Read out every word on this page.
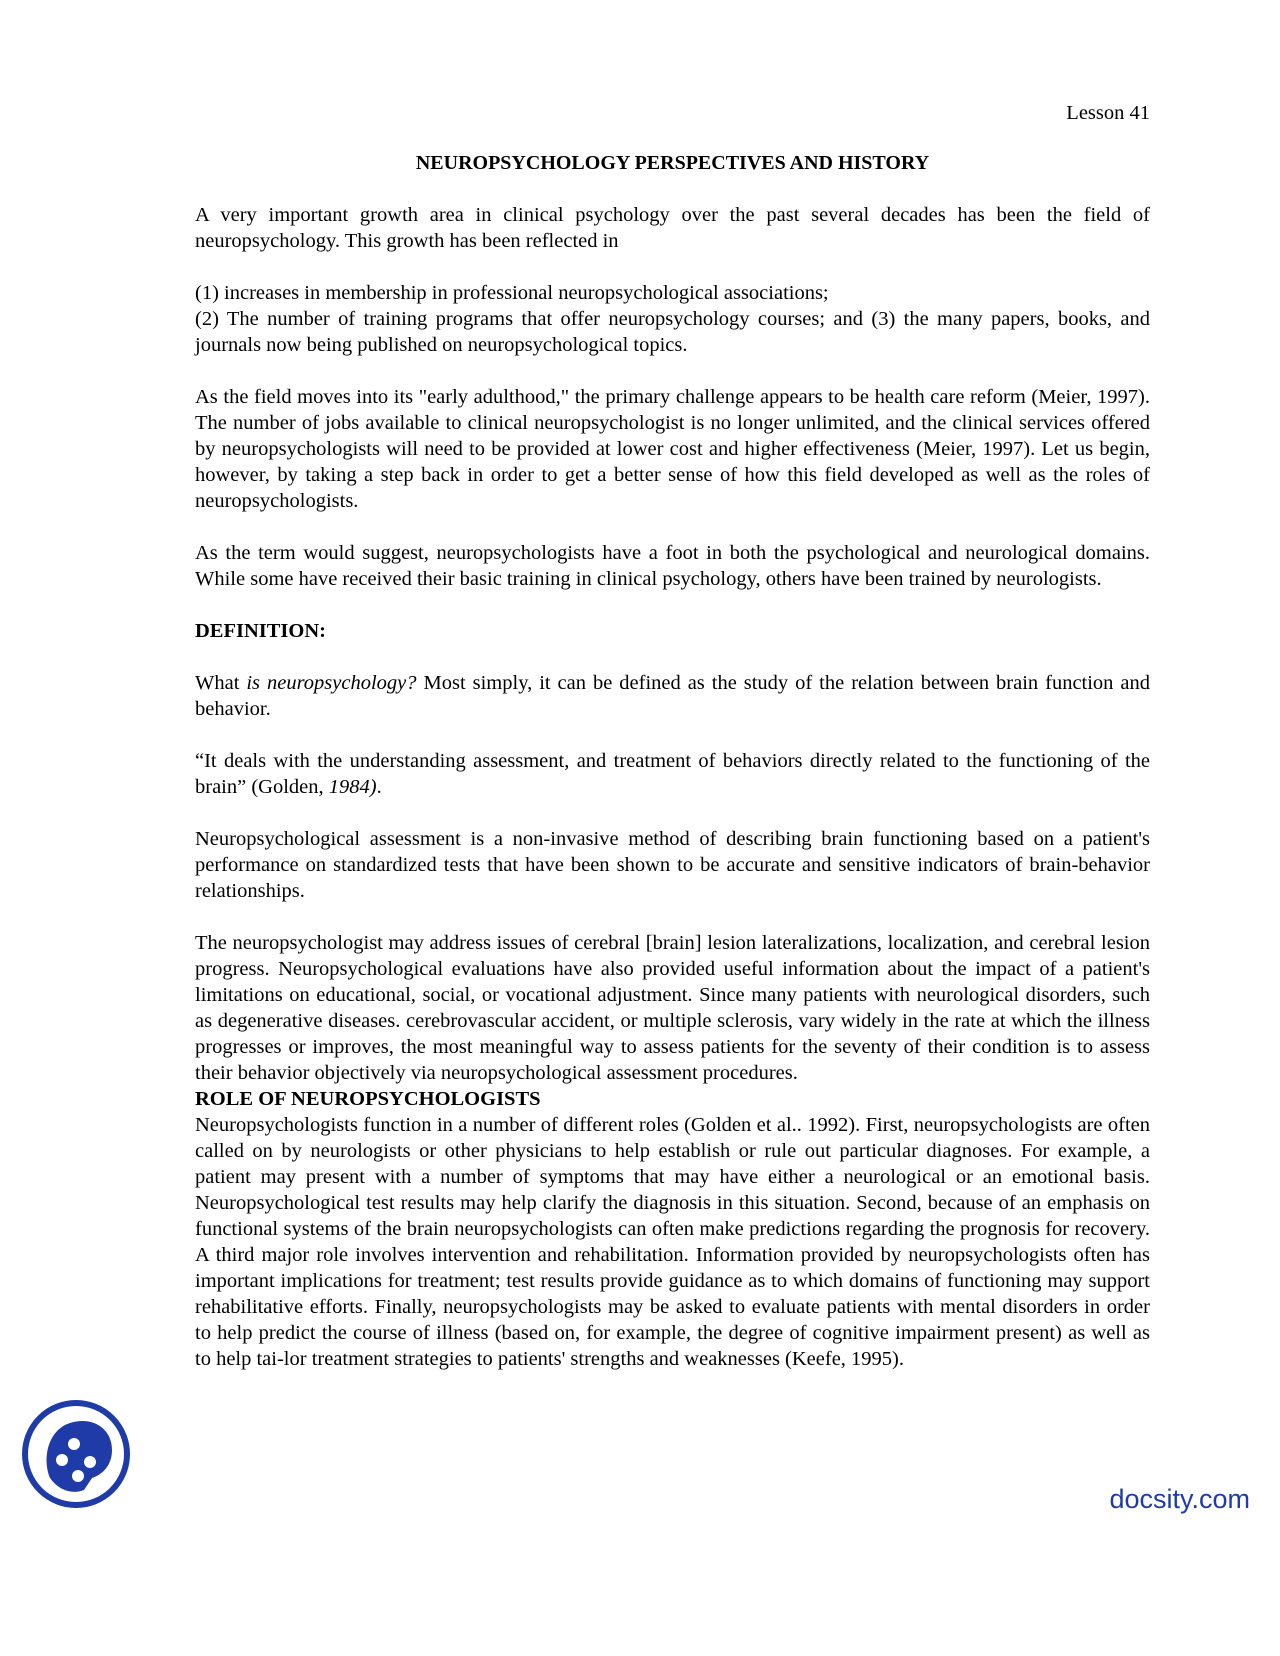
Lesson 41
NEUROPSYCHOLOGY PERSPECTIVES AND HISTORY

A very important growth area in clinical psychology over the past several decades has been the field of neuropsychology. This growth has been reflected in

(1) increases in membership in professional neuropsychological associations;
(2) The number of training programs that offer neuropsychology courses; and (3) the many papers, books, and journals now being published on neuropsychological topics.

As the field moves into its "early adulthood," the primary challenge appears to be health care reform (Meier, 1997). The number of jobs available to clinical neuropsychologist is no longer unlimited, and the clinical services offered by neuropsychologists will need to be provided at lower cost and higher effectiveness (Meier, 1997). Let us begin, however, by taking a step back in order to get a better sense of how this field developed as well as the roles of neuropsychologists.

As the term would suggest, neuropsychologists have a foot in both the psychological and neurological domains. While some have received their basic training in clinical psychology, others have been trained by neurologists.

DEFINITION:

What is neuropsychology? Most simply, it can be defined as the study of the relation between brain function and behavior.

“It deals with the understanding assessment, and treatment of behaviors directly related to the functioning of the brain” (Golden, 1984).

Neuropsychological assessment is a non-invasive method of describing brain functioning based on a patient's performance on standardized tests that have been shown to be accurate and sensitive indicators of brain-behavior relationships.

The neuropsychologist may address issues of cerebral [brain] lesion lateralizations, localization, and cerebral lesion progress. Neuropsychological evaluations have also provided useful information about the impact of a patient's limitations on educational, social, or vocational adjustment. Since many patients with neurological disorders, such as degenerative diseases. cerebrovascular accident, or multiple sclerosis, vary widely in the rate at which the illness progresses or improves, the most meaningful way to assess patients for the seventy of their condition is to assess their behavior objectively via neuropsychological assessment procedures.

ROLE OF NEUROPSYCHOLOGISTS

Neuropsychologists function in a number of different roles (Golden et al.. 1992). First, neuropsychologists are often called on by neurologists or other physicians to help establish or rule out particular diagnoses. For example, a patient may present with a number of symptoms that may have either a neurological or an emotional basis. Neuropsychological test results may help clarify the diagnosis in this situation. Second, because of an emphasis on functional systems of the brain neuropsychologists can often make predictions regarding the prognosis for recovery. A third major role involves intervention and rehabilitation. Information provided by neuropsychologists often has important implications for treatment; test results provide guidance as to which domains of functioning may support rehabilitative efforts. Finally, neuropsychologists may be asked to evaluate patients with mental disorders in order to help predict the course of illness (based on, for example, the degree of cognitive impairment present) as well as to help tai-lor treatment strategies to patients' strengths and weaknesses (Keefe, 1995).

docsity.com
